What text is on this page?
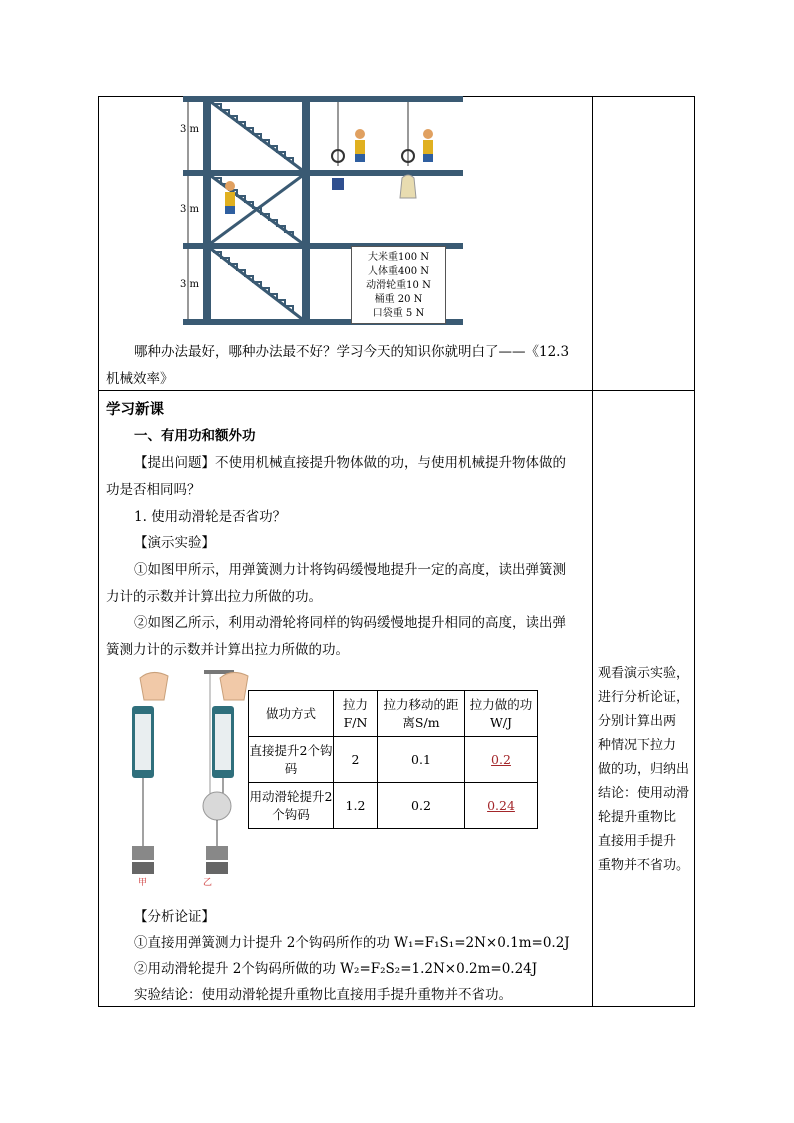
3 m
3 m
3 m
大米重100 N
人体重400 N
动滑轮重10 N
桶重 20 N
口袋重 5 N
哪种办法最好，哪种办法最不好？学习今天的知识你就明白了——《12.3
机械效率》
学习新课
一、有用功和额外功
【提出问题】不使用机械直接提升物体做的功，与使用机械提升物体做的
功是否相同吗？
1. 使用动滑轮是否省功？
【演示实验】
①如图甲所示，用弹簧测力计将钩码缓慢地提升一定的高度，读出弹簧测
力计的示数并计算出拉力所做的功。
②如图乙所示，利用动滑轮将同样的钩码缓慢地提升相同的高度，读出弹
簧测力计的示数并计算出拉力所做的功。
甲	乙
做功方式	拉力F/N	拉力移动的距离S/m	拉力做的功W/J
直接提升2个钩码	2	0.1	0.2
用动滑轮提升2个钩码	1.2	0.2	0.24
【分析论证】
①直接用弹簧测力计提升 2个钩码所作的功 W₁=F₁S₁=2N×0.1m=0.2J
②用动滑轮提升 2个钩码所做的功 W₂=F₂S₂=1.2N×0.2m=0.24J
实验结论：使用动滑轮提升重物比直接用手提升重物并不省功。
观看演示实验，
进行分析论证，
分别计算出两
种情况下拉力
做的功，归纳出
结论：使用动滑
轮提升重物比
直接用手提升
重物并不省功。
